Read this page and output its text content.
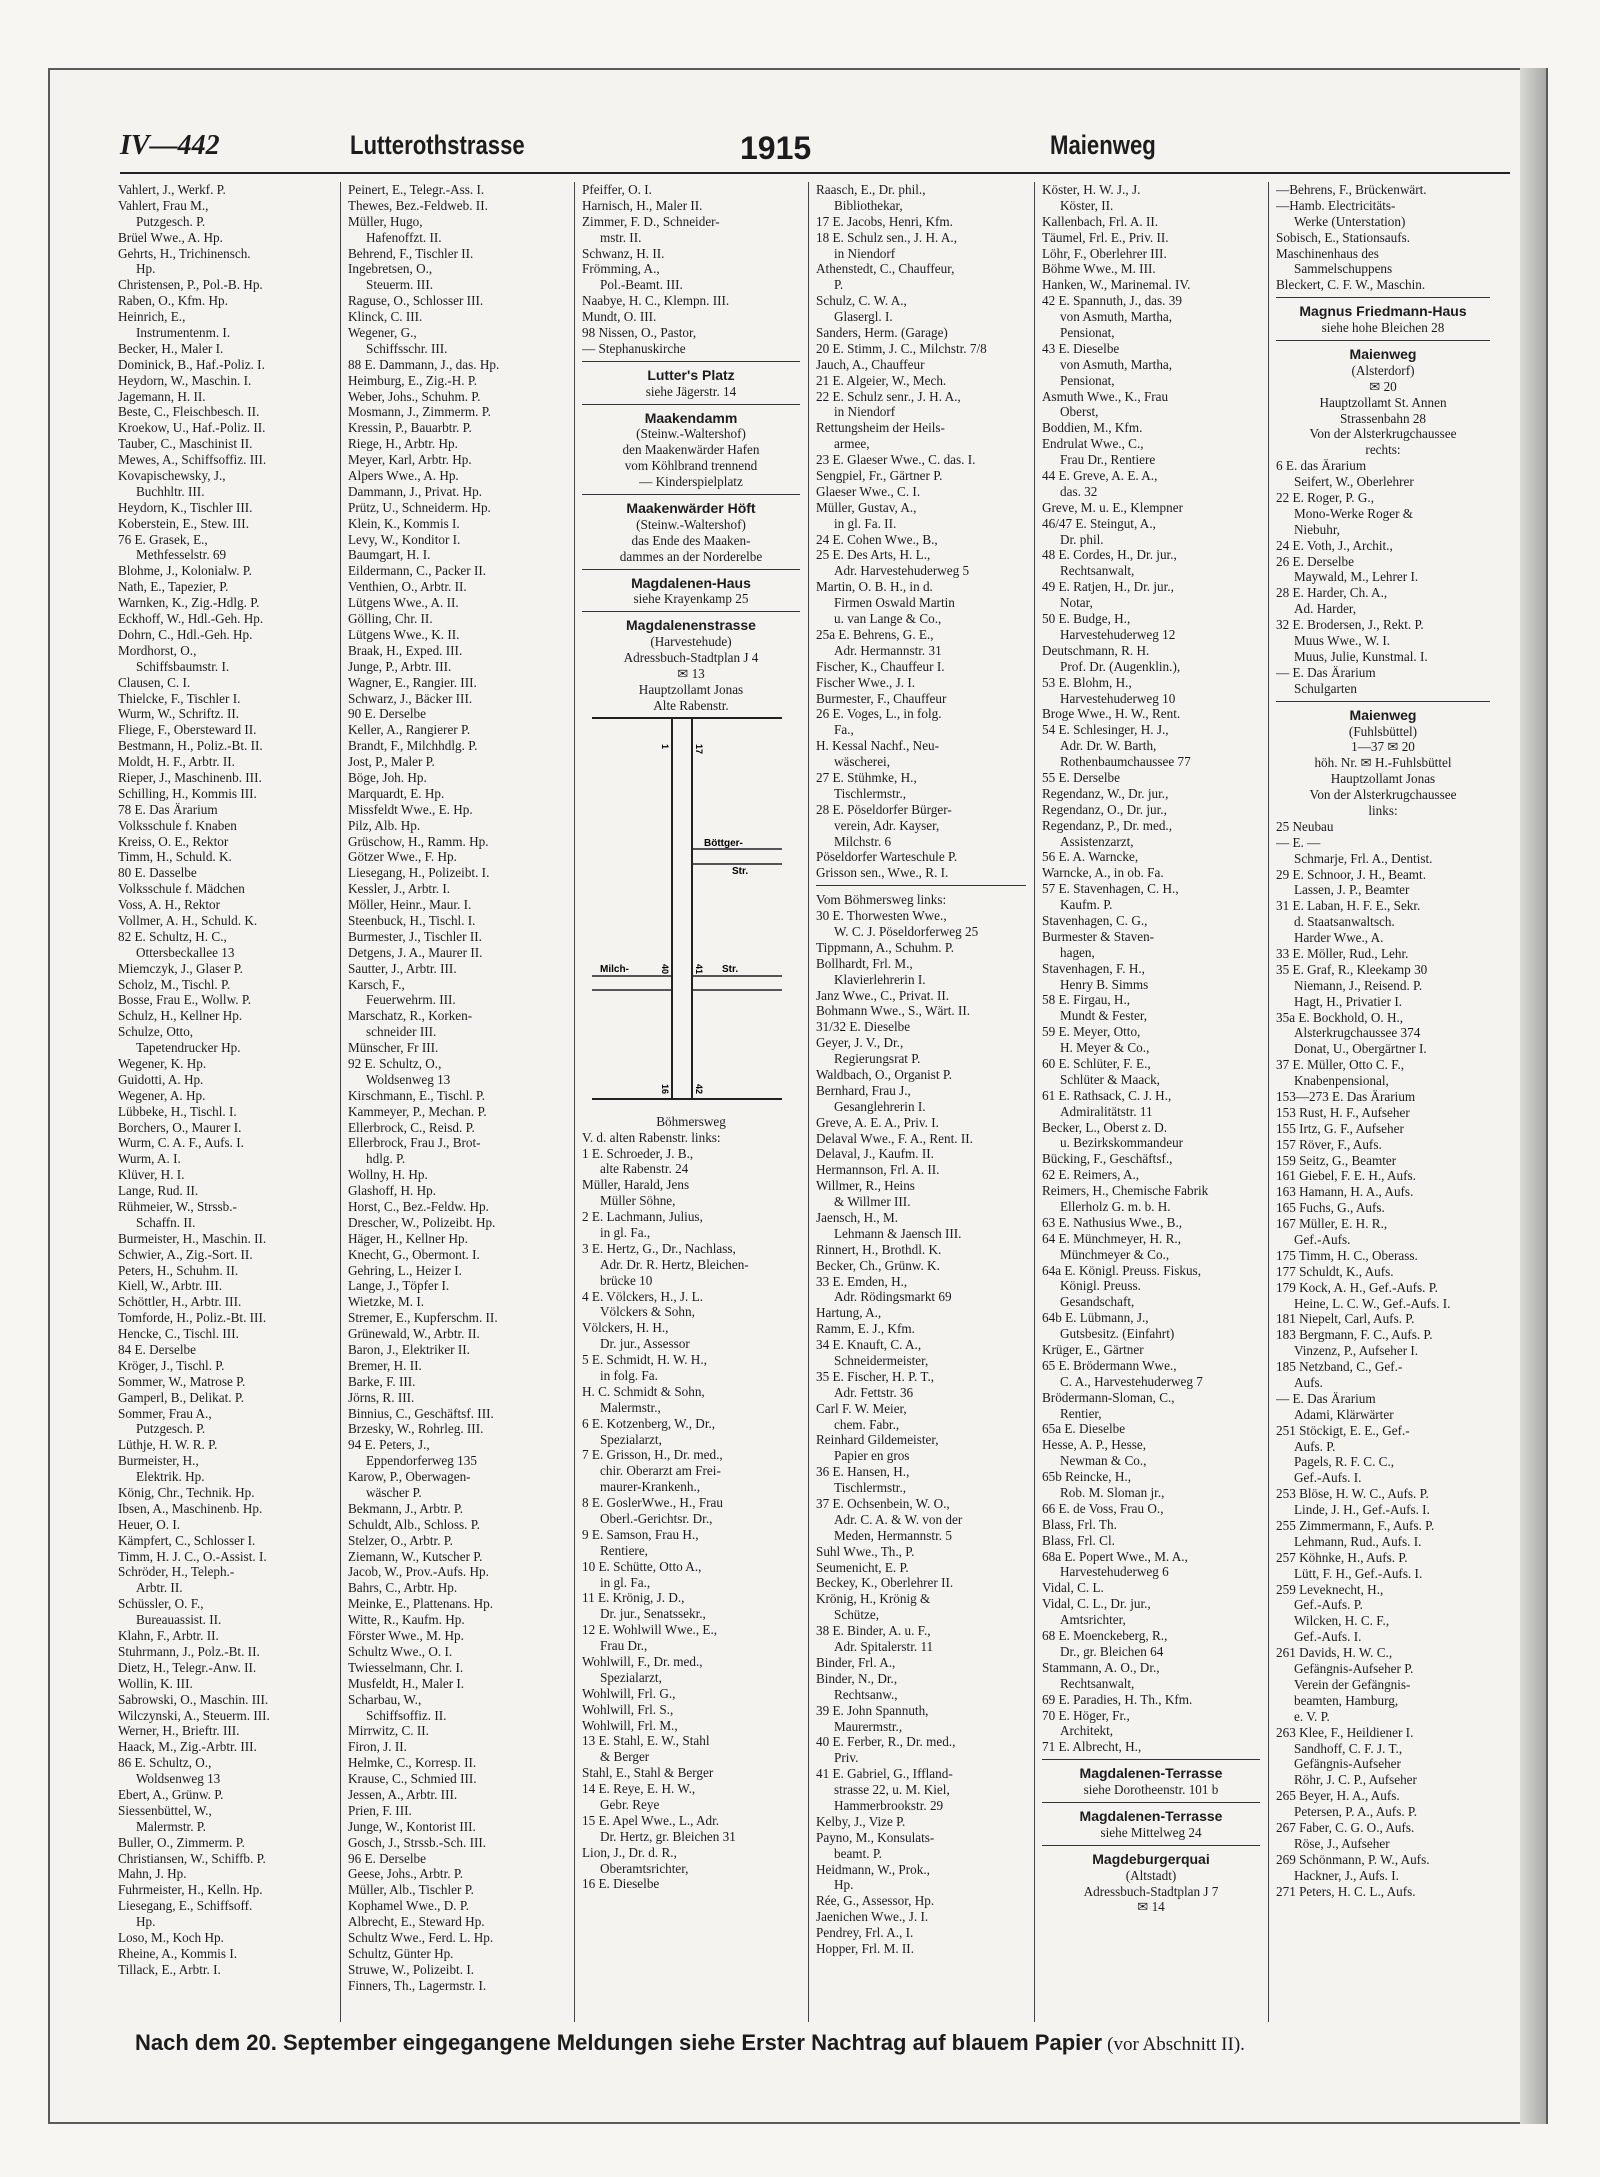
IV—442	Lutterothstrasse	1915	Maienweg
Vahlert, J., Werkf. P.
Vahlert, Frau M.,
Putzgesch. P.
Brüel Wwe., A. Hp.
Gehrts, H., Trichinensch.
Hp.
Christensen, P., Pol.-B. Hp.
Raben, O., Kfm. Hp.
Heinrich, E.,
Instrumentenm. I.
Becker, H., Maler I.
Dominick, B., Haf.-Poliz. I.
Heydorn, W., Maschin. I.
Jagemann, H. II.
Beste, C., Fleischbesch. II.
Kroekow, U., Haf.-Poliz. II.
Tauber, C., Maschinist II.
Mewes, A., Schiffsoffiz. III.
Kovapischewsky, J.,
Buchhltr. III.
Heydorn, K., Tischler III.
Koberstein, E., Stew. III.
76 E. Grasek, E.,
Methfesselstr. 69
Blohme, J., Kolonialw. P.
Nath, E., Tapezier, P.
Warnken, K., Zig.-Hdlg. P.
Eckhoff, W., Hdl.-Geh. Hp.
Dohrn, C., Hdl.-Geh. Hp.
Mordhorst, O.,
Schiffsbaumstr. I.
Clausen, C. I.
Thielcke, F., Tischler I.
Wurm, W., Schriftz. II.
Fliege, F., Obersteward II.
Bestmann, H., Poliz.-Bt. II.
Moldt, H. F., Arbtr. II.
Rieper, J., Maschinenb. III.
Schilling, H., Kommis III.
78 E. Das Ärarium
Volksschule f. Knaben
Kreiss, O. E., Rektor
Timm, H., Schuld. K.
80 E. Dasselbe
Volksschule f. Mädchen
Voss, A. H., Rektor
Vollmer, A. H., Schuld. K.
82 E. Schultz, H. C.,
Ottersbeckallee 13
Miemczyk, J., Glaser P.
Scholz, M., Tischl. P.
Bosse, Frau E., Wollw. P.
Schulz, H., Kellner Hp.
Schulze, Otto,
Tapetendrucker Hp.
Wegener, K. Hp.
Guidotti, A. Hp.
Wegener, A. Hp.
Lübbeke, H., Tischl. I.
Borchers, O., Maurer I.
Wurm, C. A. F., Aufs. I.
Wurm, A. I.
Klüver, H. I.
Lange, Rud. II.
Rühmeier, W., Strssb.-
Schaffn. II.
Burmeister, H., Maschin. II.
Schwier, A., Zig.-Sort. II.
Peters, H., Schuhm. II.
Kiell, W., Arbtr. III.
Schöttler, H., Arbtr. III.
Tomforde, H., Poliz.-Bt. III.
Hencke, C., Tischl. III.
84 E. Derselbe
Kröger, J., Tischl. P.
Sommer, W., Matrose P.
Gamperl, B., Delikat. P.
Sommer, Frau A.,
Putzgesch. P.
Lüthje, H. W. R. P.
Burmeister, H.,
Elektrik. Hp.
König, Chr., Technik. Hp.
Ibsen, A., Maschinenb. Hp.
Heuer, O. I.
Kämpfert, C., Schlosser I.
Timm, H. J. C., O.-Assist. I.
Schröder, H., Teleph.-
Arbtr. II.
Schüssler, O. F.,
Bureauassist. II.
Klahn, F., Arbtr. II.
Stuhrmann, J., Polz.-Bt. II.
Dietz, H., Telegr.-Anw. II.
Wollin, K. III.
Sabrowski, O., Maschin. III.
Wilczynski, A., Steuerm. III.
Werner, H., Brieftr. III.
Haack, M., Zig.-Arbtr. III.
86 E. Schultz, O.,
Woldsenweg 13
Ebert, A., Grünw. P.
Siessenbüttel, W.,
Malermstr. P.
Buller, O., Zimmerm. P.
Christiansen, W., Schiffb. P.
Mahn, J. Hp.
Fuhrmeister, H., Kelln. Hp.
Liesegang, E., Schiffsoff.
Hp.
Loso, M., Koch Hp.
Rheine, A., Kommis I.
Tillack, E., Arbtr. I.
Peinert, E., Telegr.-Ass. I.
Thewes, Bez.-Feldweb. II.
Müller, Hugo,
Hafenoffzt. II.
Behrend, F., Tischler II.
Ingebretsen, O.,
Steuerm. III.
Raguse, O., Schlosser III.
Klinck, C. III.
Wegener, G.,
Schiffsschr. III.
88 E. Dammann, J., das. Hp.
Heimburg, E., Zig.-H. P.
Weber, Johs., Schuhm. P.
Mosmann, J., Zimmerm. P.
Kressin, P., Bauarbtr. P.
Riege, H., Arbtr. Hp.
Meyer, Karl, Arbtr. Hp.
Alpers Wwe., A. Hp.
Dammann, J., Privat. Hp.
Prütz, U., Schneiderm. Hp.
Klein, K., Kommis I.
Levy, W., Konditor I.
Baumgart, H. I.
Eildermann, C., Packer II.
Venthien, O., Arbtr. II.
Lütgens Wwe., A. II.
Gölling, Chr. II.
Lütgens Wwe., K. II.
Braak, H., Exped. III.
Junge, P., Arbtr. III.
Wagner, E., Rangier. III.
Schwarz, J., Bäcker III.
90 E. Derselbe
Keller, A., Rangierer P.
Brandt, F., Milchhdlg. P.
Jost, P., Maler P.
Böge, Joh. Hp.
Marquardt, E. Hp.
Missfeldt Wwe., E. Hp.
Pilz, Alb. Hp.
Grüschow, H., Ramm. Hp.
Götzer Wwe., F. Hp.
Liesegang, H., Polizeibt. I.
Kessler, J., Arbtr. I.
Möller, Heinr., Maur. I.
Steenbuck, H., Tischl. I.
Burmester, J., Tischler II.
Detgens, J. A., Maurer II.
Sautter, J., Arbtr. III.
Karsch, F.,
Feuerwehrm. III.
Marschatz, R., Korken-
schneider III.
Münscher, Fr III.
92 E. Schultz, O.,
Woldsenweg 13
Kirschmann, E., Tischl. P.
Kammeyer, P., Mechan. P.
Ellerbrock, C., Reisd. P.
Ellerbrock, Frau J., Brot-
hdlg. P.
Wollny, H. Hp.
Glashoff, H. Hp.
Horst, C., Bez.-Feldw. Hp.
Drescher, W., Polizeibt. Hp.
Häger, H., Kellner Hp.
Knecht, G., Obermont. I.
Gehring, L., Heizer I.
Lange, J., Töpfer I.
Wietzke, M. I.
Stremer, E., Kupferschm. II.
Grünewald, W., Arbtr. II.
Baron, J., Elektriker II.
Bremer, H. II.
Barke, F. III.
Jörns, R. III.
Binnius, C., Geschäftsf. III.
Brzesky, W., Rohrleg. III.
94 E. Peters, J.,
Eppendorferweg 135
Karow, P., Oberwagen-
wäscher P.
Bekmann, J., Arbtr. P.
Schuldt, Alb., Schloss. P.
Stelzer, O., Arbtr. P.
Ziemann, W., Kutscher P.
Jacob, W., Prov.-Aufs. Hp.
Bahrs, C., Arbtr. Hp.
Meinke, E., Plattenans. Hp.
Witte, R., Kaufm. Hp.
Förster Wwe., M. Hp.
Schultz Wwe., O. I.
Twiesselmann, Chr. I.
Musfeldt, H., Maler I.
Scharbau, W.,
Schiffsoffiz. II.
Mirrwitz, C. II.
Firon, J. II.
Helmke, C., Korresp. II.
Krause, C., Schmied III.
Jessen, A., Arbtr. III.
Prien, F. III.
Junge, W., Kontorist III.
Gosch, J., Strssb.-Sch. III.
96 E. Derselbe
Geese, Johs., Arbtr. P.
Müller, Alb., Tischler P.
Kophamel Wwe., D. P.
Albrecht, E., Steward Hp.
Schultz Wwe., Ferd. L. Hp.
Schultz, Günter Hp.
Struwe, W., Polizeibt. I.
Finners, Th., Lagermstr. I.
Pfeiffer, O. I.
Harnisch, H., Maler II.
Zimmer, F. D., Schneider-
mstr. II.
Schwanz, H. II.
Frömming, A.,
Pol.-Beamt. III.
Naabye, H. C., Klempn. III.
Mundt, O. III.
98 Nissen, O., Pastor,
— Stephanuskirche
Lutter's Platz
siehe Jägerstr. 14
Maakendamm
(Steinw.-Waltershof)
den Maakenwärder Hafen
vom Köhlbrand trennend
— Kinderspielplatz
Maakenwärder Höft
(Steinw.-Waltershof)
das Ende des Maaken-
dammes an der Norderelbe
Magdalenen-Haus
siehe Krayenkamp 25
Magdalenenstrasse
(Harvestehude)
Adressbuch-Stadtplan J 4
✉ 13
Hauptzollamt Jonas
Alte Rabenstr.
Böttger-
Str.
Milch-	Str.
1
16
17
42
40	41
Böhmersweg
V. d. alten Rabenstr. links:
1 E. Schroeder, J. B.,
alte Rabenstr. 24
Müller, Harald, Jens
Müller Söhne,
2 E. Lachmann, Julius,
in gl. Fa.,
3 E. Hertz, G., Dr., Nachlass,
Adr. Dr. R. Hertz, Bleichen-
brücke 10
4 E. Völckers, H., J. L.
Völckers & Sohn,
Völckers, H. H.,
Dr. jur., Assessor
5 E. Schmidt, H. W. H.,
in folg. Fa.
H. C. Schmidt & Sohn,
Malermstr.,
6 E. Kotzenberg, W., Dr.,
Spezialarzt,
7 E. Grisson, H., Dr. med.,
chir. Oberarzt am Frei-
maurer-Krankenh.,
8 E. GoslerWwe., H., Frau
Oberl.-Gerichtsr. Dr.,
9 E. Samson, Frau H.,
Rentiere,
10 E. Schütte, Otto A.,
in gl. Fa.,
11 E. Krönig, J. D.,
Dr. jur., Senatssekr.,
12 E. Wohlwill Wwe., E.,
Frau Dr.,
Wohlwill, F., Dr. med.,
Spezialarzt,
Wohlwill, Frl. G.,
Wohlwill, Frl. S.,
Wohlwill, Frl. M.,
13 E. Stahl, E. W., Stahl
& Berger
Stahl, E., Stahl & Berger
14 E. Reye, E. H. W.,
Gebr. Reye
15 E. Apel Wwe., L., Adr.
Dr. Hertz, gr. Bleichen 31
Lion, J., Dr. d. R.,
Oberamtsrichter,
16 E. Dieselbe
Raasch, E., Dr. phil.,
Bibliothekar,
17 E. Jacobs, Henri, Kfm.
18 E. Schulz sen., J. H. A.,
in Niendorf
Athenstedt, C., Chauffeur,
P.
Schulz, C. W. A.,
Glasergl. I.
Sanders, Herm. (Garage)
20 E. Stimm, J. C., Milchstr. 7/8
Jauch, A., Chauffeur
21 E. Algeier, W., Mech.
22 E. Schulz senr., J. H. A.,
in Niendorf
Rettungsheim der Heils-
armee,
23 E. Glaeser Wwe., C. das. I.
Sengpiel, Fr., Gärtner P.
Glaeser Wwe., C. I.
Müller, Gustav, A.,
in gl. Fa. II.
24 E. Cohen Wwe., B.,
25 E. Des Arts, H. L.,
Adr. Harvestehuderweg 5
Martin, O. B. H., in d.
Firmen Oswald Martin
u. van Lange & Co.,
25a E. Behrens, G. E.,
Adr. Hermannstr. 31
Fischer, K., Chauffeur I.
Fischer Wwe., J. I.
Burmester, F., Chauffeur
26 E. Voges, L., in folg.
Fa.,
H. Kessal Nachf., Neu-
wäscherei,
27 E. Stühmke, H.,
Tischlermstr.,
28 E. Pöseldorfer Bürger-
verein, Adr. Kayser,
Milchstr. 6
Pöseldorfer Warteschule P.
Grisson sen., Wwe., R. I.
Vom Böhmersweg links:
30 E. Thorwesten Wwe.,
W. C. J. Pöseldorferweg 25
Tippmann, A., Schuhm. P.
Bollhardt, Frl. M.,
Klavierlehrerin I.
Janz Wwe., C., Privat. II.
Bohmann Wwe., S., Wärt. II.
31/32 E. Dieselbe
Geyer, J. V., Dr.,
Regierungsrat P.
Waldbach, O., Organist P.
Bernhard, Frau J.,
Gesanglehrerin I.
Greve, A. E. A., Priv. I.
Delaval Wwe., F. A., Rent. II.
Delaval, J., Kaufm. II.
Hermannson, Frl. A. II.
Willmer, R., Heins
& Willmer III.
Jaensch, H., M.
Lehmann & Jaensch III.
Rinnert, H., Brothdl. K.
Becker, Ch., Grünw. K.
33 E. Emden, H.,
Adr. Rödingsmarkt 69
Hartung, A.,
Ramm, E. J., Kfm.
34 E. Knauft, C. A.,
Schneidermeister,
35 E. Fischer, H. P. T.,
Adr. Fettstr. 36
Carl F. W. Meier,
chem. Fabr.,
Reinhard Gildemeister,
Papier en gros
36 E. Hansen, H.,
Tischlermstr.,
37 E. Ochsenbein, W. O.,
Adr. C. A. & W. von der
Meden, Hermannstr. 5
Suhl Wwe., Th., P.
Seumenicht, E. P.
Beckey, K., Oberlehrer II.
Krönig, H., Krönig &
Schütze,
38 E. Binder, A. u. F.,
Adr. Spitalerstr. 11
Binder, Frl. A.,
Binder, N., Dr.,
Rechtsanw.,
39 E. John Spannuth,
Maurermstr.,
40 E. Ferber, R., Dr. med.,
Priv.
41 E. Gabriel, G., Iffland-
strasse 22, u. M. Kiel,
Hammerbrookstr. 29
Kelby, J., Vize P.
Payno, M., Konsulats-
beamt. P.
Heidmann, W., Prok.,
Hp.
Rée, G., Assessor, Hp.
Jaenichen Wwe., J. I.
Pendrey, Frl. A., I.
Hopper, Frl. M. II.
Köster, H. W. J., J.
Köster, II.
Kallenbach, Frl. A. II.
Täumel, Frl. E., Priv. II.
Löhr, F., Oberlehrer III.
Böhme Wwe., M. III.
Hanken, W., Marinemal. IV.
42 E. Spannuth, J., das. 39
von Asmuth, Martha,
Pensionat,
43 E. Dieselbe
von Asmuth, Martha,
Pensionat,
Asmuth Wwe., K., Frau
Oberst,
Boddien, M., Kfm.
Endrulat Wwe., C.,
Frau Dr., Rentiere
44 E. Greve, A. E. A.,
das. 32
Greve, M. u. E., Klempner
46/47 E. Steingut, A.,
Dr. phil.
48 E. Cordes, H., Dr. jur.,
Rechtsanwalt,
49 E. Ratjen, H., Dr. jur.,
Notar,
50 E. Budge, H.,
Harvestehuderweg 12
Deutschmann, R. H.
Prof. Dr. (Augenklin.),
53 E. Blohm, H.,
Harvestehuderweg 10
Broge Wwe., H. W., Rent.
54 E. Schlesinger, H. J.,
Adr. Dr. W. Barth,
Rothenbaumchaussee 77
55 E. Derselbe
Regendanz, W., Dr. jur.,
Regendanz, O., Dr. jur.,
Regendanz, P., Dr. med.,
Assistenzarzt,
56 E. A. Warncke,
Warncke, A., in ob. Fa.
57 E. Stavenhagen, C. H.,
Kaufm. P.
Stavenhagen, C. G.,
Burmester & Staven-
hagen,
Stavenhagen, F. H.,
Henry B. Simms
58 E. Firgau, H.,
Mundt & Fester,
59 E. Meyer, Otto,
H. Meyer & Co.,
60 E. Schlüter, F. E.,
Schlüter & Maack,
61 E. Rathsack, C. J. H.,
Admiralitätstr. 11
Becker, L., Oberst z. D.
u. Bezirkskommandeur
Bücking, F., Geschäftsf.,
62 E. Reimers, A.,
Reimers, H., Chemische Fabrik
Ellerholz G. m. b. H.
63 E. Nathusius Wwe., B.,
64 E. Münchmeyer, H. R.,
Münchmeyer & Co.,
64a E. Königl. Preuss. Fiskus,
Königl. Preuss.
Gesandschaft,
64b E. Lübmann, J.,
Gutsbesitz. (Einfahrt)
Krüger, E., Gärtner
65 E. Brödermann Wwe.,
C. A., Harvestehuderweg 7
Brödermann-Sloman, C.,
Rentier,
65a E. Dieselbe
Hesse, A. P., Hesse,
Newman & Co.,
65b Reincke, H.,
Rob. M. Sloman jr.,
66 E. de Voss, Frau O.,
Blass, Frl. Th.
Blass, Frl. Cl.
68a E. Popert Wwe., M. A.,
Harvestehuderweg 6
Vidal, C. L.
Vidal, C. L., Dr. jur.,
Amtsrichter,
68 E. Moenckeberg, R.,
Dr., gr. Bleichen 64
Stammann, A. O., Dr.,
Rechtsanwalt,
69 E. Paradies, H. Th., Kfm.
70 E. Höger, Fr.,
Architekt,
71 E. Albrecht, H.,
Magdalenen-Terrasse
siehe Dorotheenstr. 101 b
Magdalenen-Terrasse
siehe Mittelweg 24
Magdeburgerquai
(Altstadt)
Adressbuch-Stadtplan J 7
✉ 14
—Behrens, F., Brückenwärt.
—Hamb. Electricitäts-
Werke (Unterstation)
Sobisch, E., Stationsaufs.
Maschinenhaus des
Sammelschuppens
Bleckert, C. F. W., Maschin.
Magnus Friedmann-Haus
siehe hohe Bleichen 28
Maienweg
(Alsterdorf)
✉ 20
Hauptzollamt St. Annen
Strassenbahn 28
Von der Alsterkrugchaussee
rechts:
6 E. das Ärarium
Seifert, W., Oberlehrer
22 E. Roger, P. G.,
Mono-Werke Roger &
Niebuhr,
24 E. Voth, J., Archit.,
26 E. Derselbe
Maywald, M., Lehrer I.
28 E. Harder, Ch. A.,
Ad. Harder,
32 E. Brodersen, J., Rekt. P.
Muus Wwe., W. I.
Muus, Julie, Kunstmal. I.
— E. Das Ärarium
Schulgarten
Maienweg
(Fuhlsbüttel)
1—37 ✉ 20
höh. Nr. ✉ H.-Fuhlsbüttel
Hauptzollamt Jonas
Von der Alsterkrugchaussee
links:
25 Neubau
— E. —
Schmarje, Frl. A., Dentist.
29 E. Schnoor, J. H., Beamt.
Lassen, J. P., Beamter
31 E. Laban, H. F. E., Sekr.
d. Staatsanwaltsch.
Harder Wwe., A.
33 E. Möller, Rud., Lehr.
35 E. Graf, R., Kleekamp 30
Niemann, J., Reisend. P.
Hagt, H., Privatier I.
35a E. Bockhold, O. H.,
Alsterkrugchaussee 374
Donat, U., Obergärtner I.
37 E. Müller, Otto C. F.,
Knabenpensional,
153—273 E. Das Ärarium
153 Rust, H. F., Aufseher
155 Irtz, G. F., Aufseher
157 Röver, F., Aufs.
159 Seitz, G., Beamter
161 Giebel, F. E. H., Aufs.
163 Hamann, H. A., Aufs.
165 Fuchs, G., Aufs.
167 Müller, E. H. R.,
Gef.-Aufs.
175 Timm, H. C., Oberass.
177 Schuldt, K., Aufs.
179 Kock, A. H., Gef.-Aufs. P.
Heine, L. C. W., Gef.-Aufs. I.
181 Niepelt, Carl, Aufs. P.
183 Bergmann, F. C., Aufs. P.
Vinzenz, P., Aufseher I.
185 Netzband, C., Gef.-
Aufs.
— E. Das Ärarium
Adami, Klärwärter
251 Stöckigt, E. E., Gef.-
Aufs. P.
Pagels, R. F. C. C.,
Gef.-Aufs. I.
253 Blöse, H. W. C., Aufs. P.
Linde, J. H., Gef.-Aufs. I.
255 Zimmermann, F., Aufs. P.
Lehmann, Rud., Aufs. I.
257 Köhnke, H., Aufs. P.
Lütt, F. H., Gef.-Aufs. I.
259 Leveknecht, H.,
Gef.-Aufs. P.
Wilcken, H. C. F.,
Gef.-Aufs. I.
261 Davids, H. W. C.,
Gefängnis-Aufseher P.
Verein der Gefängnis-
beamten, Hamburg,
e. V. P.
263 Klee, F., Heildiener I.
Sandhoff, C. F. J. T.,
Gefängnis-Aufseher
Röhr, J. C. P., Aufseher
265 Beyer, H. A., Aufs.
Petersen, P. A., Aufs. P.
267 Faber, C. G. O., Aufs.
Röse, J., Aufseher
269 Schönmann, P. W., Aufs.
Hackner, J., Aufs. I.
271 Peters, H. C. L., Aufs.
Nach dem 20. September eingegangene Meldungen siehe Erster Nachtrag auf blauem Papier (vor Abschnitt II).
